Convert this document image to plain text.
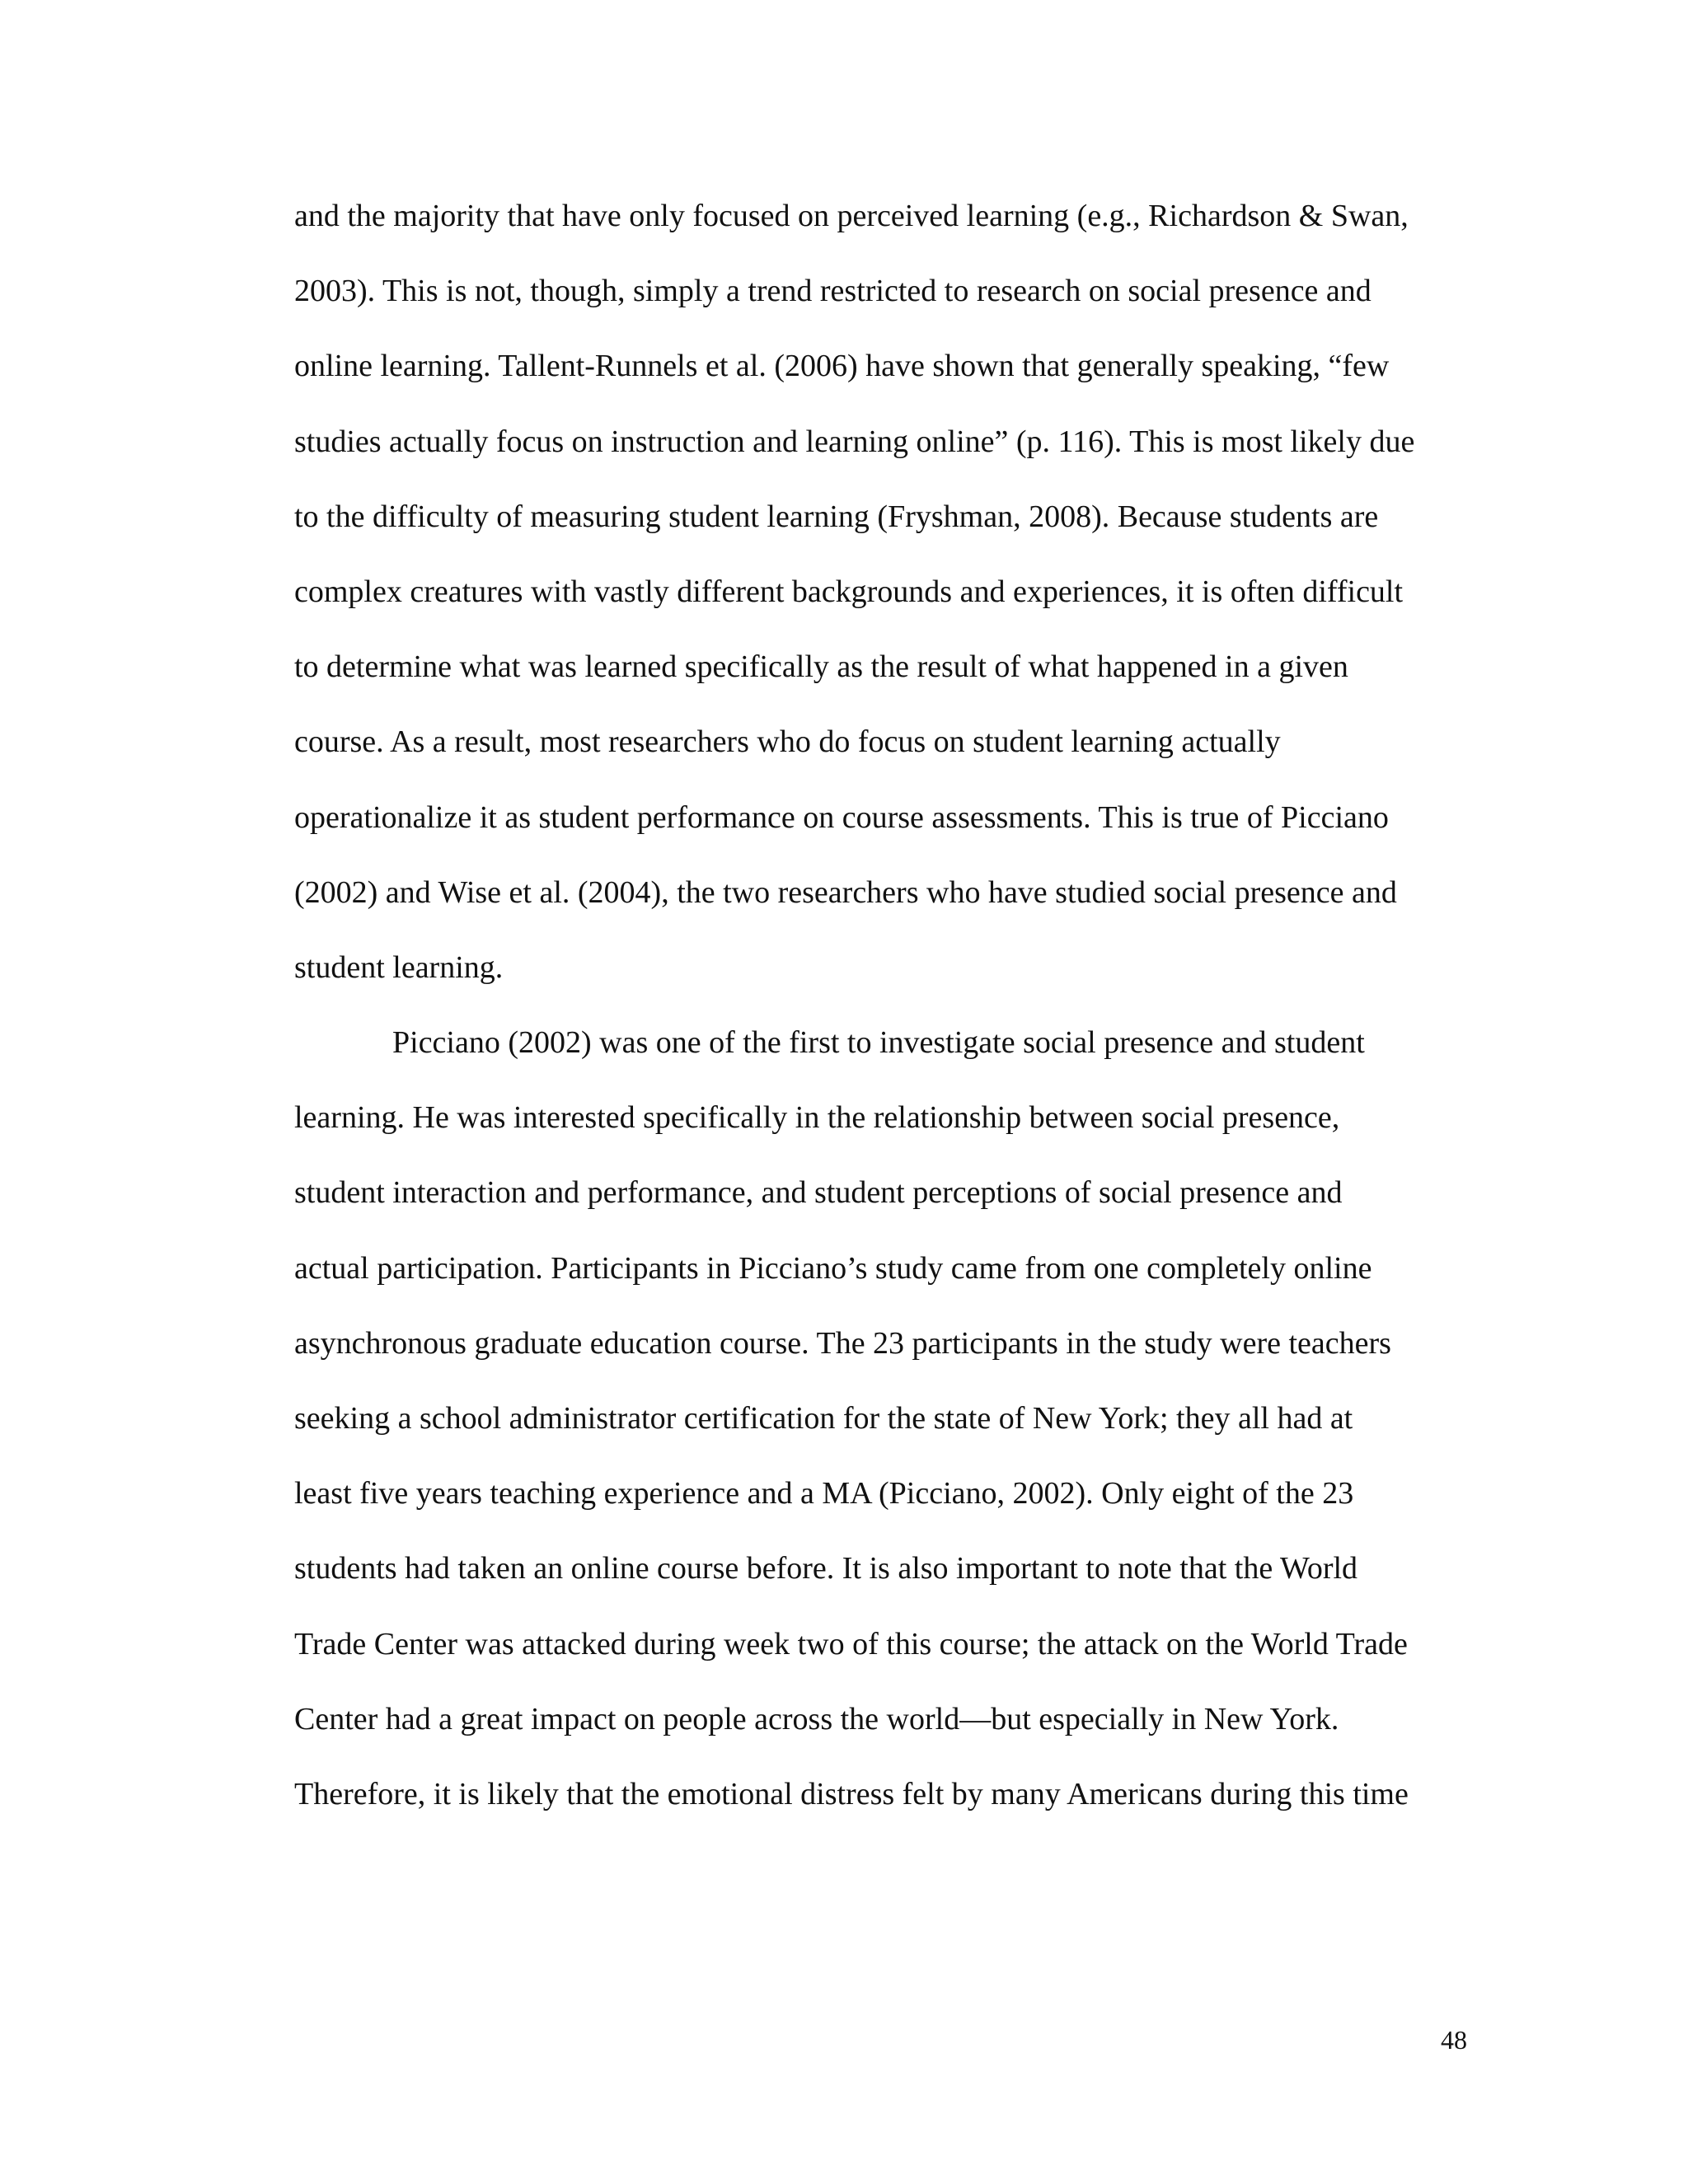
and the majority that have only focused on perceived learning (e.g., Richardson & Swan,
2003). This is not, though, simply a trend restricted to research on social presence and
online learning. Tallent-Runnels et al. (2006) have shown that generally speaking, “few
studies actually focus on instruction and learning online” (p. 116). This is most likely due
to the difficulty of measuring student learning (Fryshman, 2008). Because students are
complex creatures with vastly different backgrounds and experiences, it is often difficult
to determine what was learned specifically as the result of what happened in a given
course. As a result, most researchers who do focus on student learning actually
operationalize it as student performance on course assessments. This is true of Picciano
(2002) and Wise et al. (2004), the two researchers who have studied social presence and
student learning.
Picciano (2002) was one of the first to investigate social presence and student
learning. He was interested specifically in the relationship between social presence,
student interaction and performance, and student perceptions of social presence and
actual participation. Participants in Picciano’s study came from one completely online
asynchronous graduate education course. The 23 participants in the study were teachers
seeking a school administrator certification for the state of New York; they all had at
least five years teaching experience and a MA (Picciano, 2002). Only eight of the 23
students had taken an online course before. It is also important to note that the World
Trade Center was attacked during week two of this course; the attack on the World Trade
Center had a great impact on people across the world—but especially in New York.
Therefore, it is likely that the emotional distress felt by many Americans during this time
48
